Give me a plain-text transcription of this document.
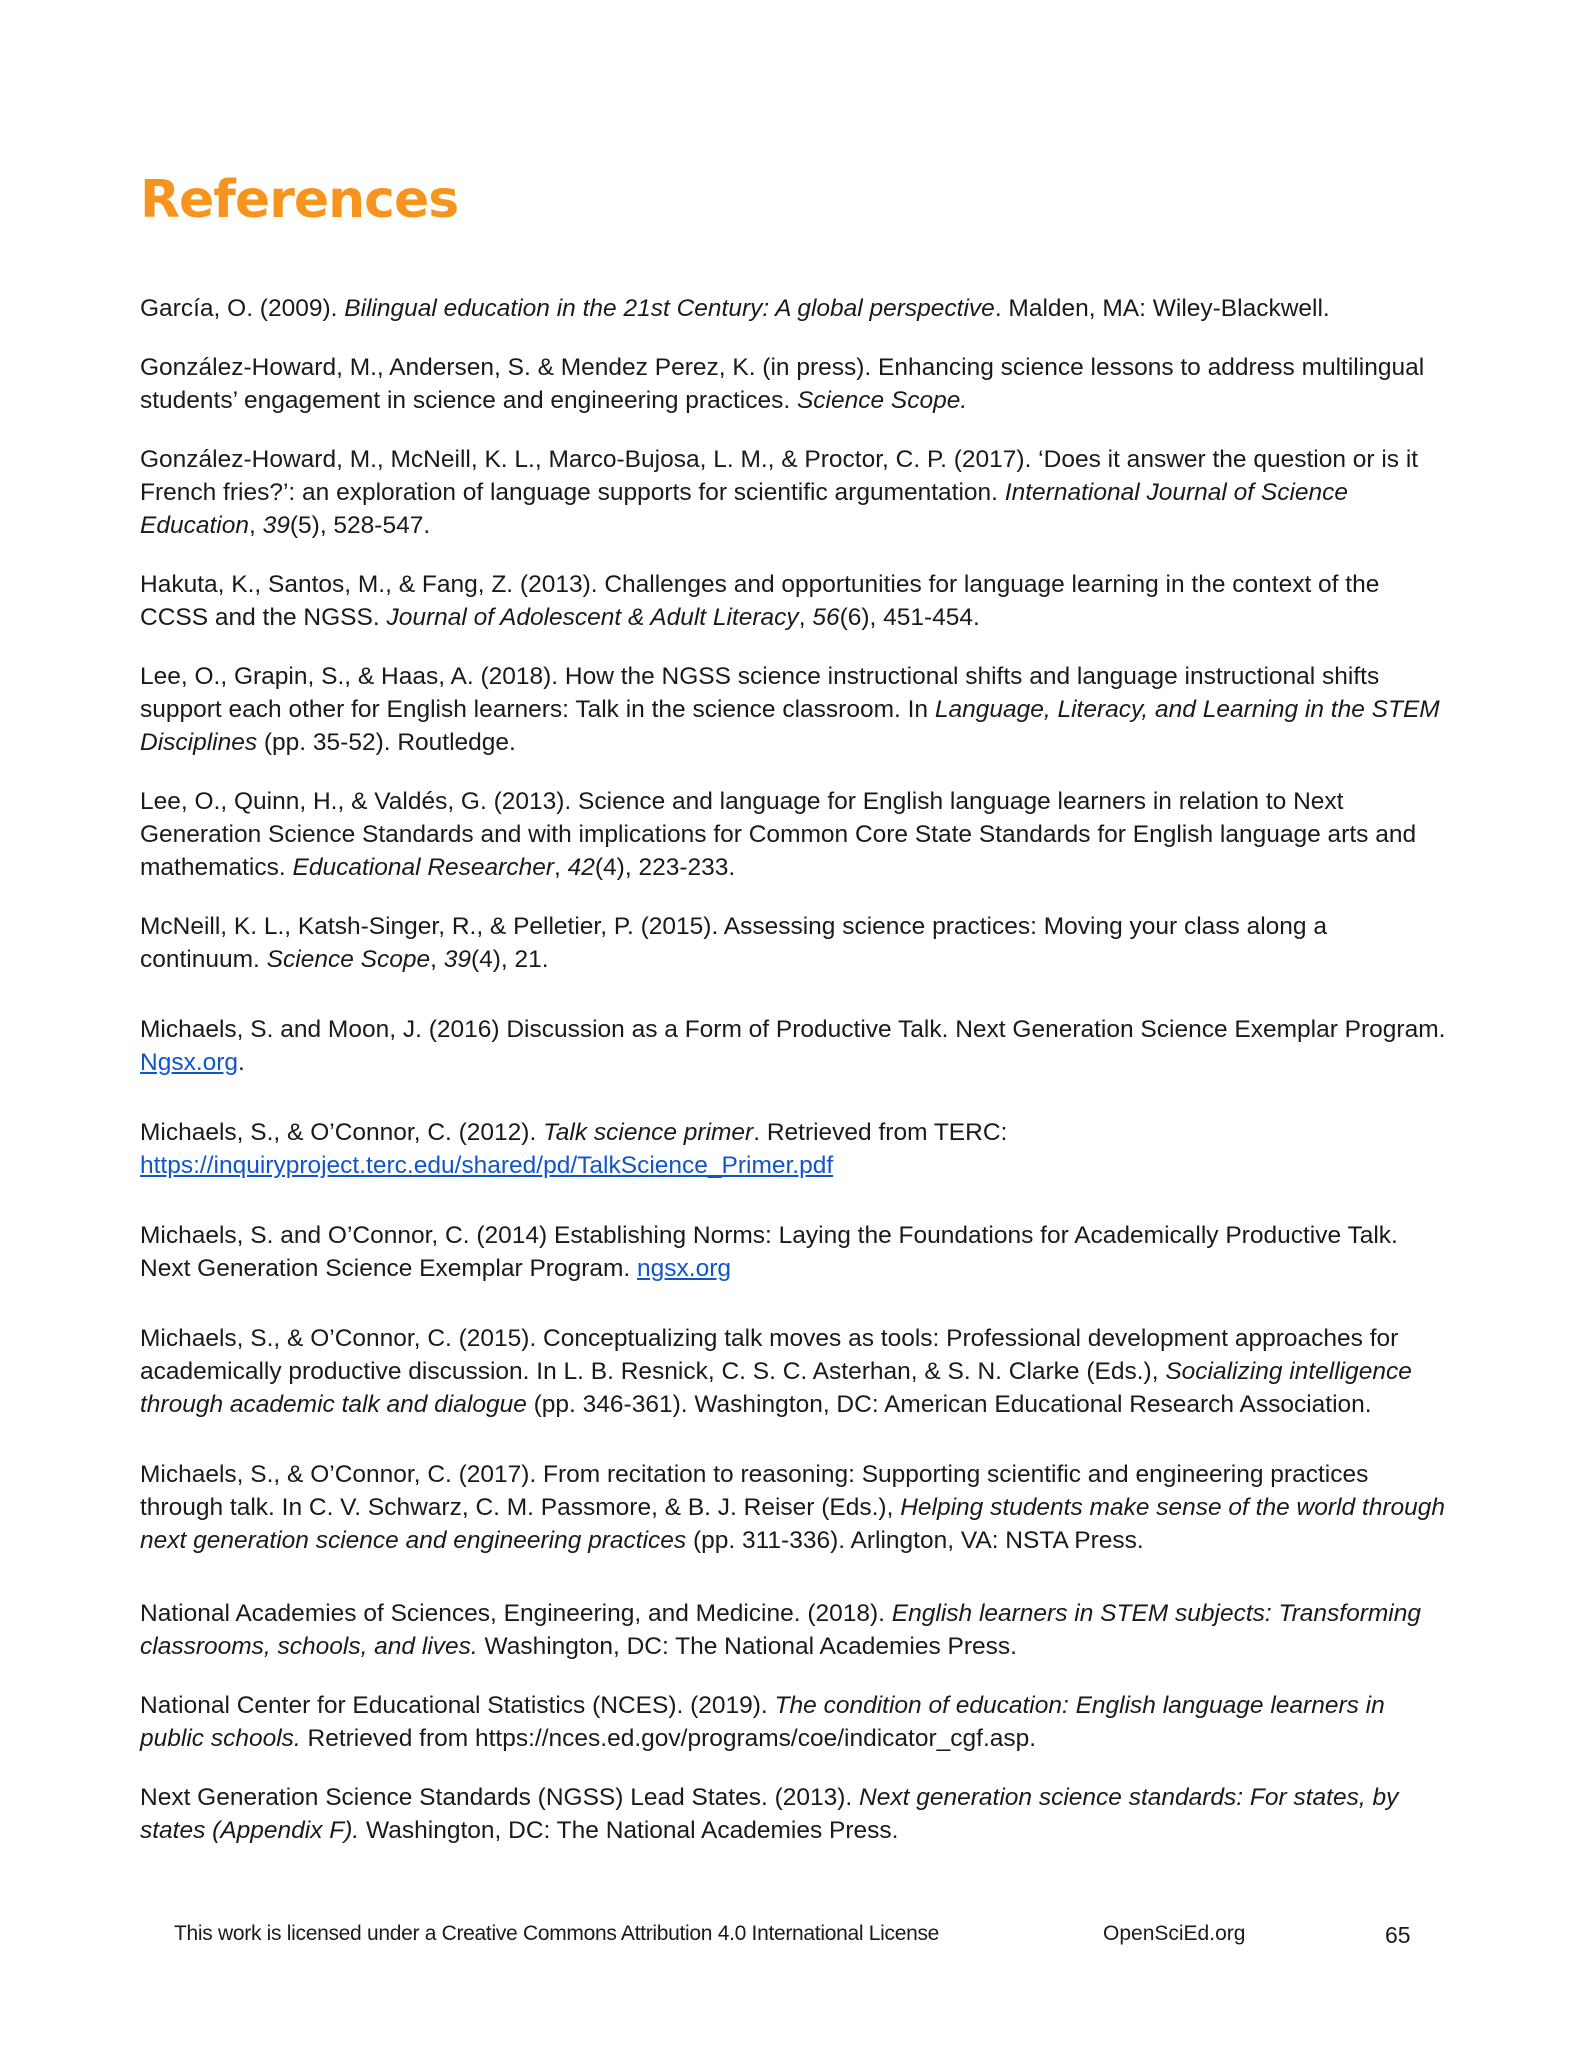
References

García, O. (2009). Bilingual education in the 21st Century: A global perspective. Malden, MA: Wiley-Blackwell.

González-Howard, M., Andersen, S. & Mendez Perez, K. (in press). Enhancing science lessons to address multilingual students’ engagement in science and engineering practices. Science Scope.

González-Howard, M., McNeill, K. L., Marco-Bujosa, L. M., & Proctor, C. P. (2017). ‘Does it answer the question or is it French fries?’: an exploration of language supports for scientific argumentation. International Journal of Science Education, 39(5), 528-547.

Hakuta, K., Santos, M., & Fang, Z. (2013). Challenges and opportunities for language learning in the context of the CCSS and the NGSS. Journal of Adolescent & Adult Literacy, 56(6), 451-454.

Lee, O., Grapin, S., & Haas, A. (2018). How the NGSS science instructional shifts and language instructional shifts support each other for English learners: Talk in the science classroom. In Language, Literacy, and Learning in the STEM Disciplines (pp. 35-52). Routledge.

Lee, O., Quinn, H., & Valdés, G. (2013). Science and language for English language learners in relation to Next Generation Science Standards and with implications for Common Core State Standards for English language arts and mathematics. Educational Researcher, 42(4), 223-233.

McNeill, K. L., Katsh-Singer, R., & Pelletier, P. (2015). Assessing science practices: Moving your class along a continuum. Science Scope, 39(4), 21.

Michaels, S. and Moon, J. (2016) Discussion as a Form of Productive Talk. Next Generation Science Exemplar Program. Ngsx.org.

Michaels, S., & O’Connor, C. (2012). Talk science primer. Retrieved from TERC: https://inquiryproject.terc.edu/shared/pd/TalkScience_Primer.pdf

Michaels, S. and O’Connor, C. (2014) Establishing Norms: Laying the Foundations for Academically Productive Talk. Next Generation Science Exemplar Program. ngsx.org

Michaels, S., & O’Connor, C. (2015). Conceptualizing talk moves as tools: Professional development approaches for academically productive discussion. In L. B. Resnick, C. S. C. Asterhan, & S. N. Clarke (Eds.), Socializing intelligence through academic talk and dialogue (pp. 346-361). Washington, DC: American Educational Research Association.

Michaels, S., & O’Connor, C. (2017). From recitation to reasoning: Supporting scientific and engineering practices through talk. In C. V. Schwarz, C. M. Passmore, & B. J. Reiser (Eds.), Helping students make sense of the world through next generation science and engineering practices (pp. 311-336). Arlington, VA: NSTA Press.

National Academies of Sciences, Engineering, and Medicine. (2018). English learners in STEM subjects: Transforming classrooms, schools, and lives. Washington, DC: The National Academies Press.

National Center for Educational Statistics (NCES). (2019). The condition of education: English language learners in public schools. Retrieved from https://nces.ed.gov/programs/coe/indicator_cgf.asp.

Next Generation Science Standards (NGSS) Lead States. (2013). Next generation science standards: For states, by states (Appendix F). Washington, DC: The National Academies Press.

This work is licensed under a Creative Commons Attribution 4.0 International License	OpenSciEd.org	65
